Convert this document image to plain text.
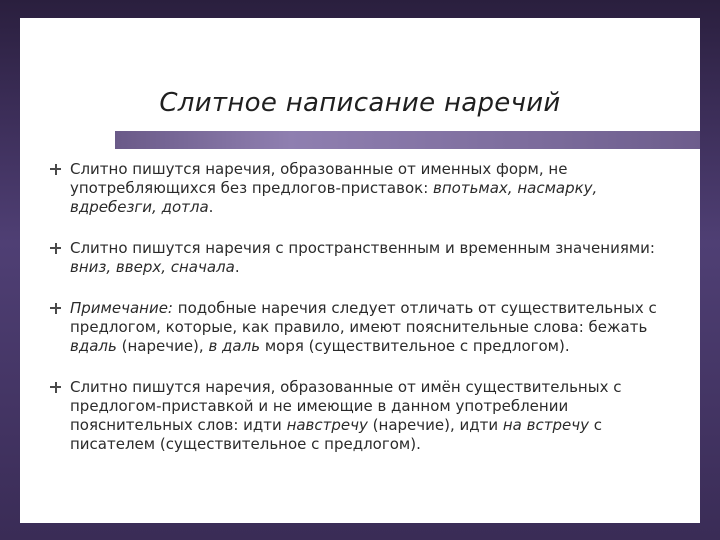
Слитное написание наречий
Слитно пишутся наречия, образованные от именных форм, не употребляющихся без предлогов-приставок: впотьмах, насмарку, вдребезги, дотла.
Слитно пишутся наречия с пространственным и временным значениями: вниз, вверх, сначала.
Примечание: подобные наречия следует отличать от существительных с предлогом, которые, как правило, имеют пояснительные слова: бежать вдаль (наречие), в даль моря (существительное с предлогом).
Слитно пишутся наречия, образованные от имён существительных с предлогом-приставкой и не имеющие в данном употреблении пояснительных слов: идти навстречу (наречие), идти на встречу с писателем (существительное с предлогом).
